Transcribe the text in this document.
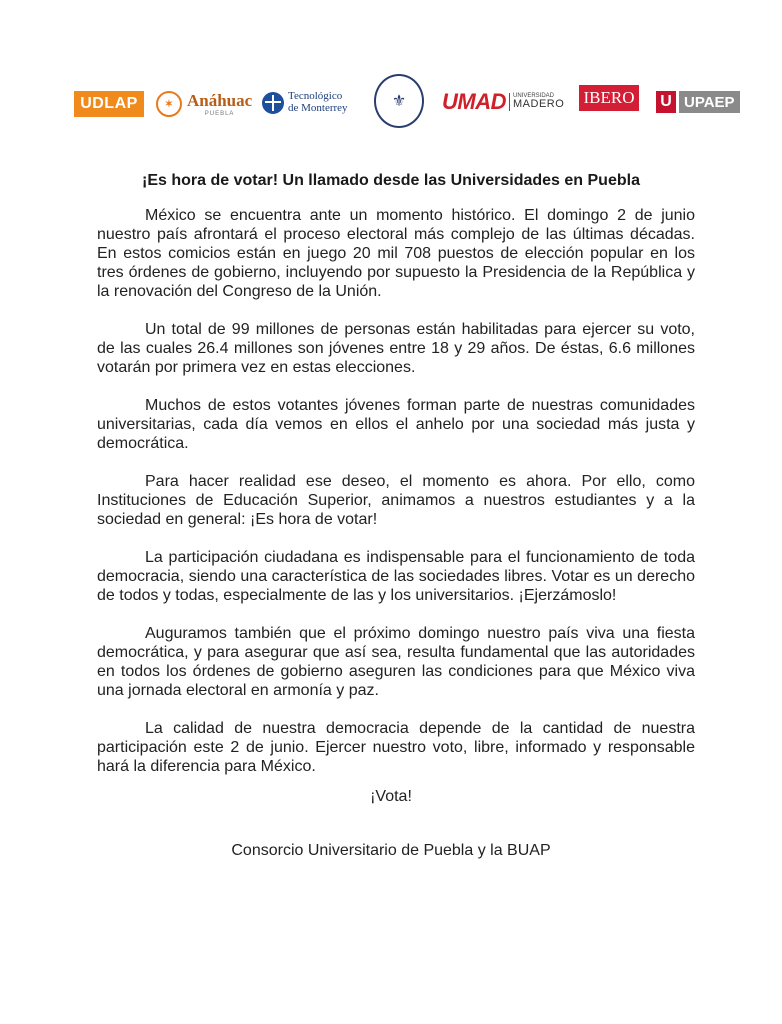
UDLAP	✶ Anáhuac
PUEBLA
Tecnológico
de Monterrey	⚜	UMAD UNIVERSIDAD
MADERO IBERO U UPAEP
¡Es hora de votar! Un llamado desde las Universidades en Puebla

México se encuentra ante un momento histórico. El domingo 2 de junio nuestro país afrontará el proceso electoral más complejo de las últimas décadas. En estos comicios están en juego 20 mil 708 puestos de elección popular en los tres órdenes de gobierno, incluyendo por supuesto la Presidencia de la República y la renovación del Congreso de la Unión.

Un total de 99 millones de personas están habilitadas para ejercer su voto, de las cuales 26.4 millones son jóvenes entre 18 y 29 años. De éstas, 6.6 millones votarán por primera vez en estas elecciones.

Muchos de estos votantes jóvenes forman parte de nuestras comunidades universitarias, cada día vemos en ellos el anhelo por una sociedad más justa y democrática.

Para hacer realidad ese deseo, el momento es ahora. Por ello, como Instituciones de Educación Superior, animamos a nuestros estudiantes y a la sociedad en general: ¡Es hora de votar!

La participación ciudadana es indispensable para el funcionamiento de toda democracia, siendo una característica de las sociedades libres. Votar es un derecho de todos y todas, especialmente de las y los universitarios. ¡Ejerzámoslo!

Auguramos también que el próximo domingo nuestro país viva una fiesta democrática, y para asegurar que así sea, resulta fundamental que las autoridades en todos los órdenes de gobierno aseguren las condiciones para que México viva una jornada electoral en armonía y paz.

La calidad de nuestra democracia depende de la cantidad de nuestra participación este 2 de junio. Ejercer nuestro voto, libre, informado y responsable hará la diferencia para México.

¡Vota!
Consorcio Universitario de Puebla y la BUAP
